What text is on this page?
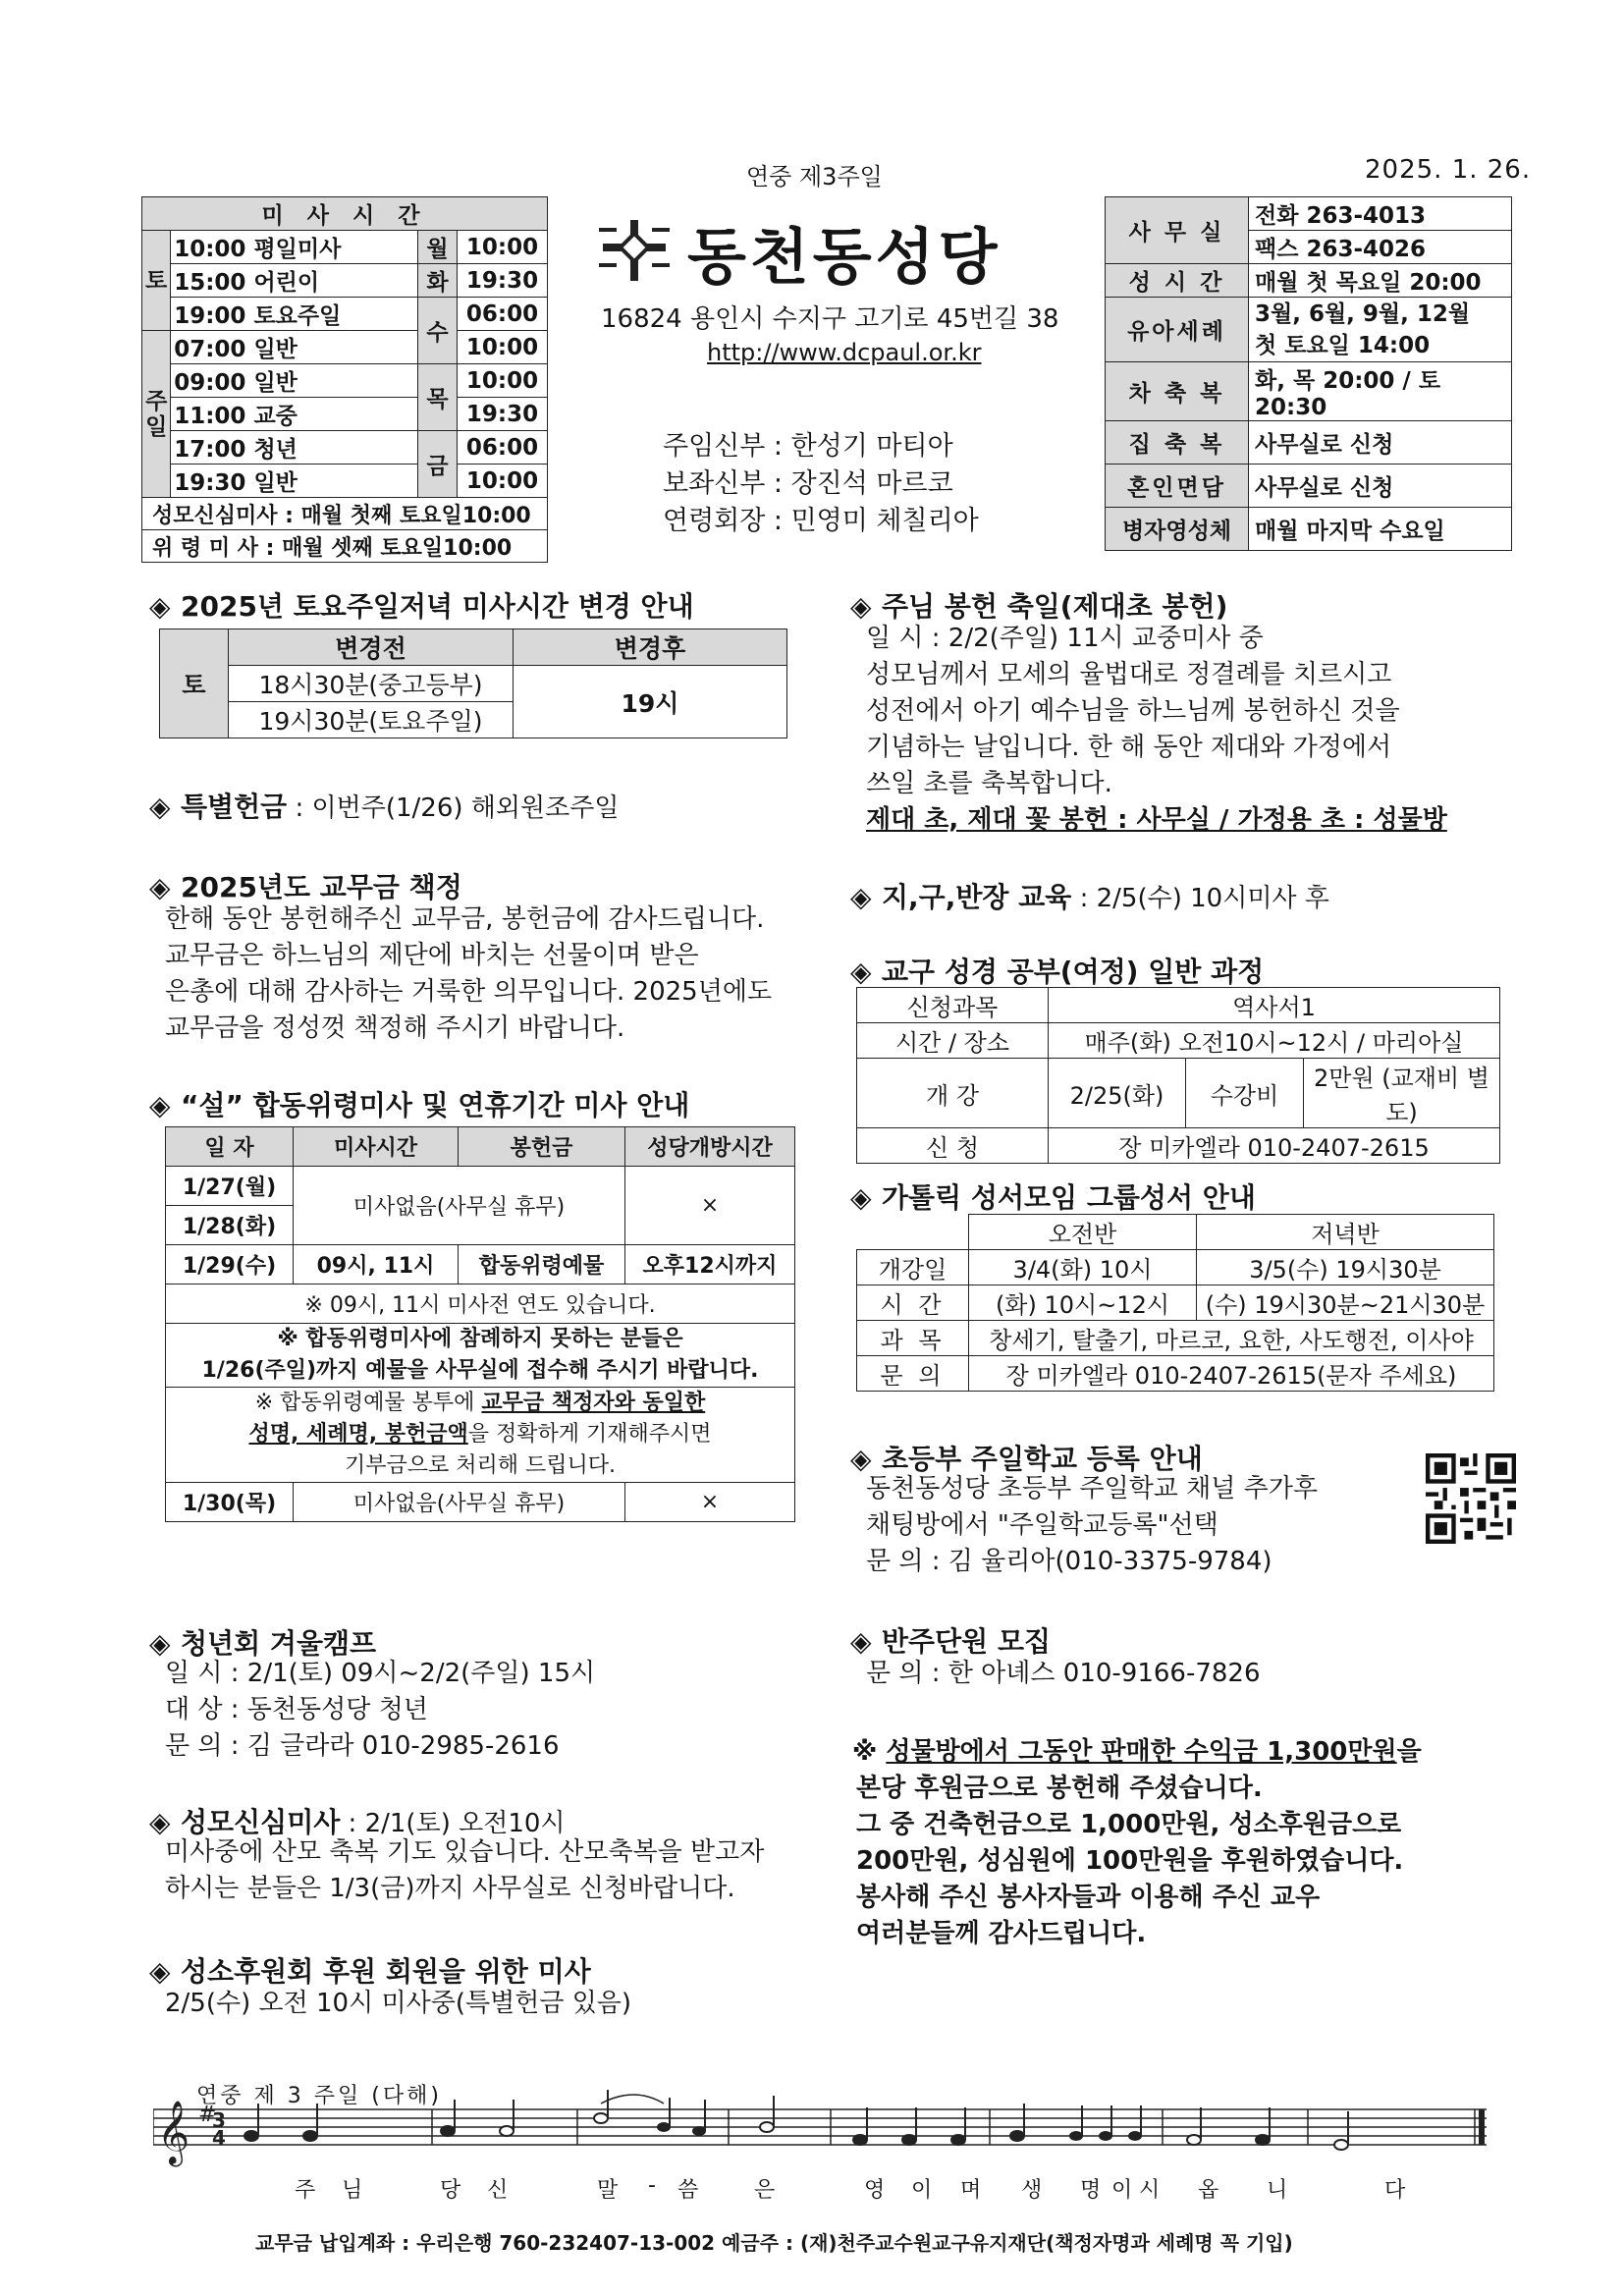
연중 제3주일	2025. 1. 26.
미 사 시 간			
토	10:00 평일미사	월	10:00
	15:00 어린이	화	19:30
	19:00 토요주일	수	06:00
주일	07:00 일반		10:00
	09:00 일반	목	10:00
	11:00 교중		19:30
	17:00 청년	금	06:00
	19:30 일반		10:00
성모신심미사 : 매월 첫째 토요일10:00			
위 령 미 사 : 매월 셋째 토요일10:00			
동천동성당
16824 용인시 수지구 고기로 45번길 38
http://www.dcpaul.or.kr
주임신부 : 한성기 마티아
보좌신부 : 장진석 마르코
연령회장 : 민영미 체칠리아
사 무 실	전화 263-4013
	팩스 263-4026
성 시 간	매월 첫 목요일 20:00
유아세례	3월, 6월, 9월, 12월
첫 토요일 14:00

차 축 복	화, 목 20:00 / 토 20:30
집 축 복	사무실로 신청
혼인면담	사무실로 신청
병자영성체	매월 마지막 수요일
◈ 2025년 토요주일저녁 미사시간 변경 안내
토	변경전	변경후
	18시30분(중고등부)	19시
	19시30분(토요주일)	
◈ 특별헌금 : 이번주(1/26) 해외원조주일
◈ 2025년도 교무금 책정
한해 동안 봉헌해주신 교무금, 봉헌금에 감사드립니다.
교무금은 하느님의 제단에 바치는 선물이며 받은
은총에 대해 감사하는 거룩한 의무입니다. 2025년에도
교무금을 정성껏 책정해 주시기 바랍니다.
◈ “설” 합동위령미사 및 연휴기간 미사 안내
일 자	미사시간	봉헌금	성당개방시간
1/27(월)	미사없음(사무실 휴무)		×
1/28(화)			
1/29(수)	09시, 11시	합동위령예물	오후12시까지
※ 09시, 11시 미사전 연도 있습니다.			

※ 합동위령미사에 참례하지 못하는 분들은
1/26(주일)까지 예물을 사무실에 접수해 주시기 바랍니다.			

※ 합동위령예물 봉투에 교무금 책정자와 동일한
성명, 세례명, 봉헌금액을 정확하게 기재해주시면
기부금으로 처리해 드립니다.			

1/30(목)	미사없음(사무실 휴무)		×
◈ 청년회 겨울캠프
일 시 : 2/1(토) 09시~2/2(주일) 15시
대 상 : 동천동성당 청년
문 의 : 김 글라라 010-2985-2616
◈ 성모신심미사 : 2/1(토) 오전10시
미사중에 산모 축복 기도 있습니다. 산모축복을 받고자
하시는 분들은 1/3(금)까지 사무실로 신청바랍니다.
◈ 성소후원회 후원 회원을 위한 미사
2/5(수) 오전 10시 미사중(특별헌금 있음)
◈ 주님 봉헌 축일(제대초 봉헌)
일 시 : 2/2(주일) 11시 교중미사 중
성모님께서 모세의 율법대로 정결례를 치르시고
성전에서 아기 예수님을 하느님께 봉헌하신 것을
기념하는 날입니다. 한 해 동안 제대와 가정에서
쓰일 초를 축복합니다.
제대 초, 제대 꽃 봉헌 : 사무실 / 가정용 초 : 성물방
◈ 지,구,반장 교육 : 2/5(수) 10시미사 후
◈ 교구 성경 공부(여정) 일반 과정
신청과목	역사서1		
시간 / 장소	매주(화) 오전10시~12시 / 마리아실		
개 강	2/25(화)	수강비	2만원 (교재비 별도)
신 청	장 미카엘라 010-2407-2615		
◈ 가톨릭 성서모임 그룹성서 안내
	오전반	저녁반
개강일	3/4(화) 10시	3/5(수) 19시30분
시 간	(화) 10시~12시	(수) 19시30분~21시30분
과 목	창세기, 탈출기, 마르코, 요한, 사도행전, 이사야	
문 의	장 미카엘라 010-2407-2615(문자 주세요)	
◈ 초등부 주일학교 등록 안내
동천동성당 초등부 주일학교 채널 추가후
채팅방에서 "주일학교등록"선택
문 의 : 김 율리아(010-3375-9784)
◈ 반주단원 모집
문 의 : 한 아녜스 010-9166-7826
※ 성물방에서 그동안 판매한 수익금 1,300만원을
본당 후원금으로 봉헌해 주셨습니다.
그 중 건축헌금으로 1,000만원, 성소후원금으로
200만원, 성심원에 100만원을 후원하였습니다.
봉사해 주신 봉사자들과 이용해 주신 교우
여러분들께 감사드립니다.
연중 제 3 주일 (다해)
𝄞 #
3
4
주 님	당 신	말 - 씀	은	영 이 며 생 명 이 시 옵 니	다
교무금 납입계좌 : 우리은행 760-232407-13-002 예금주 : (재)천주교수원교구유지재단(책정자명과 세례명 꼭 기입)
